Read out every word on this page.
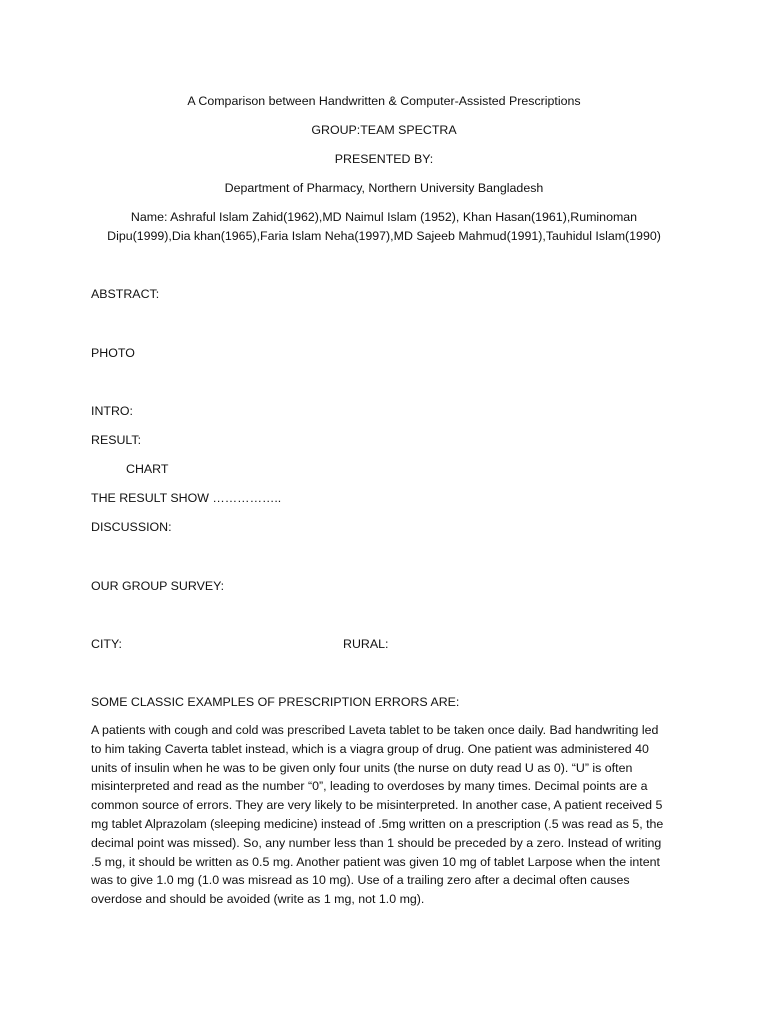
A Comparison between Handwritten & Computer-Assisted Prescriptions
GROUP:TEAM SPECTRA
PRESENTED BY:
Department of Pharmacy, Northern University Bangladesh
Name: Ashraful Islam Zahid(1962),MD Naimul Islam (1952), Khan Hasan(1961),Ruminoman
Dipu(1999),Dia khan(1965),Faria Islam Neha(1997),MD Sajeeb Mahmud(1991),Tauhidul Islam(1990)
ABSTRACT:
PHOTO
INTRO:
RESULT:
CHART
THE RESULT SHOW ……………..
DISCUSSION:
OUR GROUP SURVEY:
CITY:	RURAL:
SOME CLASSIC EXAMPLES OF PRESCRIPTION ERRORS ARE:
A patients with cough and cold was prescribed Laveta tablet to be taken once daily. Bad handwriting led to him taking Caverta tablet instead, which is a viagra group of drug. One patient was administered 40 units of insulin when he was to be given only four units (the nurse on duty read U as 0). “U” is often misinterpreted and read as the number “0”, leading to overdoses by many times. Decimal points are a common source of errors. They are very likely to be misinterpreted. In another case, A patient received 5 mg tablet Alprazolam (sleeping medicine) instead of .5mg written on a prescription (.5 was read as 5, the decimal point was missed). So, any number less than 1 should be preceded by a zero. Instead of writing .5 mg, it should be written as 0.5 mg. Another patient was given 10 mg of tablet Larpose when the intent was to give 1.0 mg (1.0 was misread as 10 mg). Use of a trailing zero after a decimal often causes overdose and should be avoided (write as 1 mg, not 1.0 mg).
